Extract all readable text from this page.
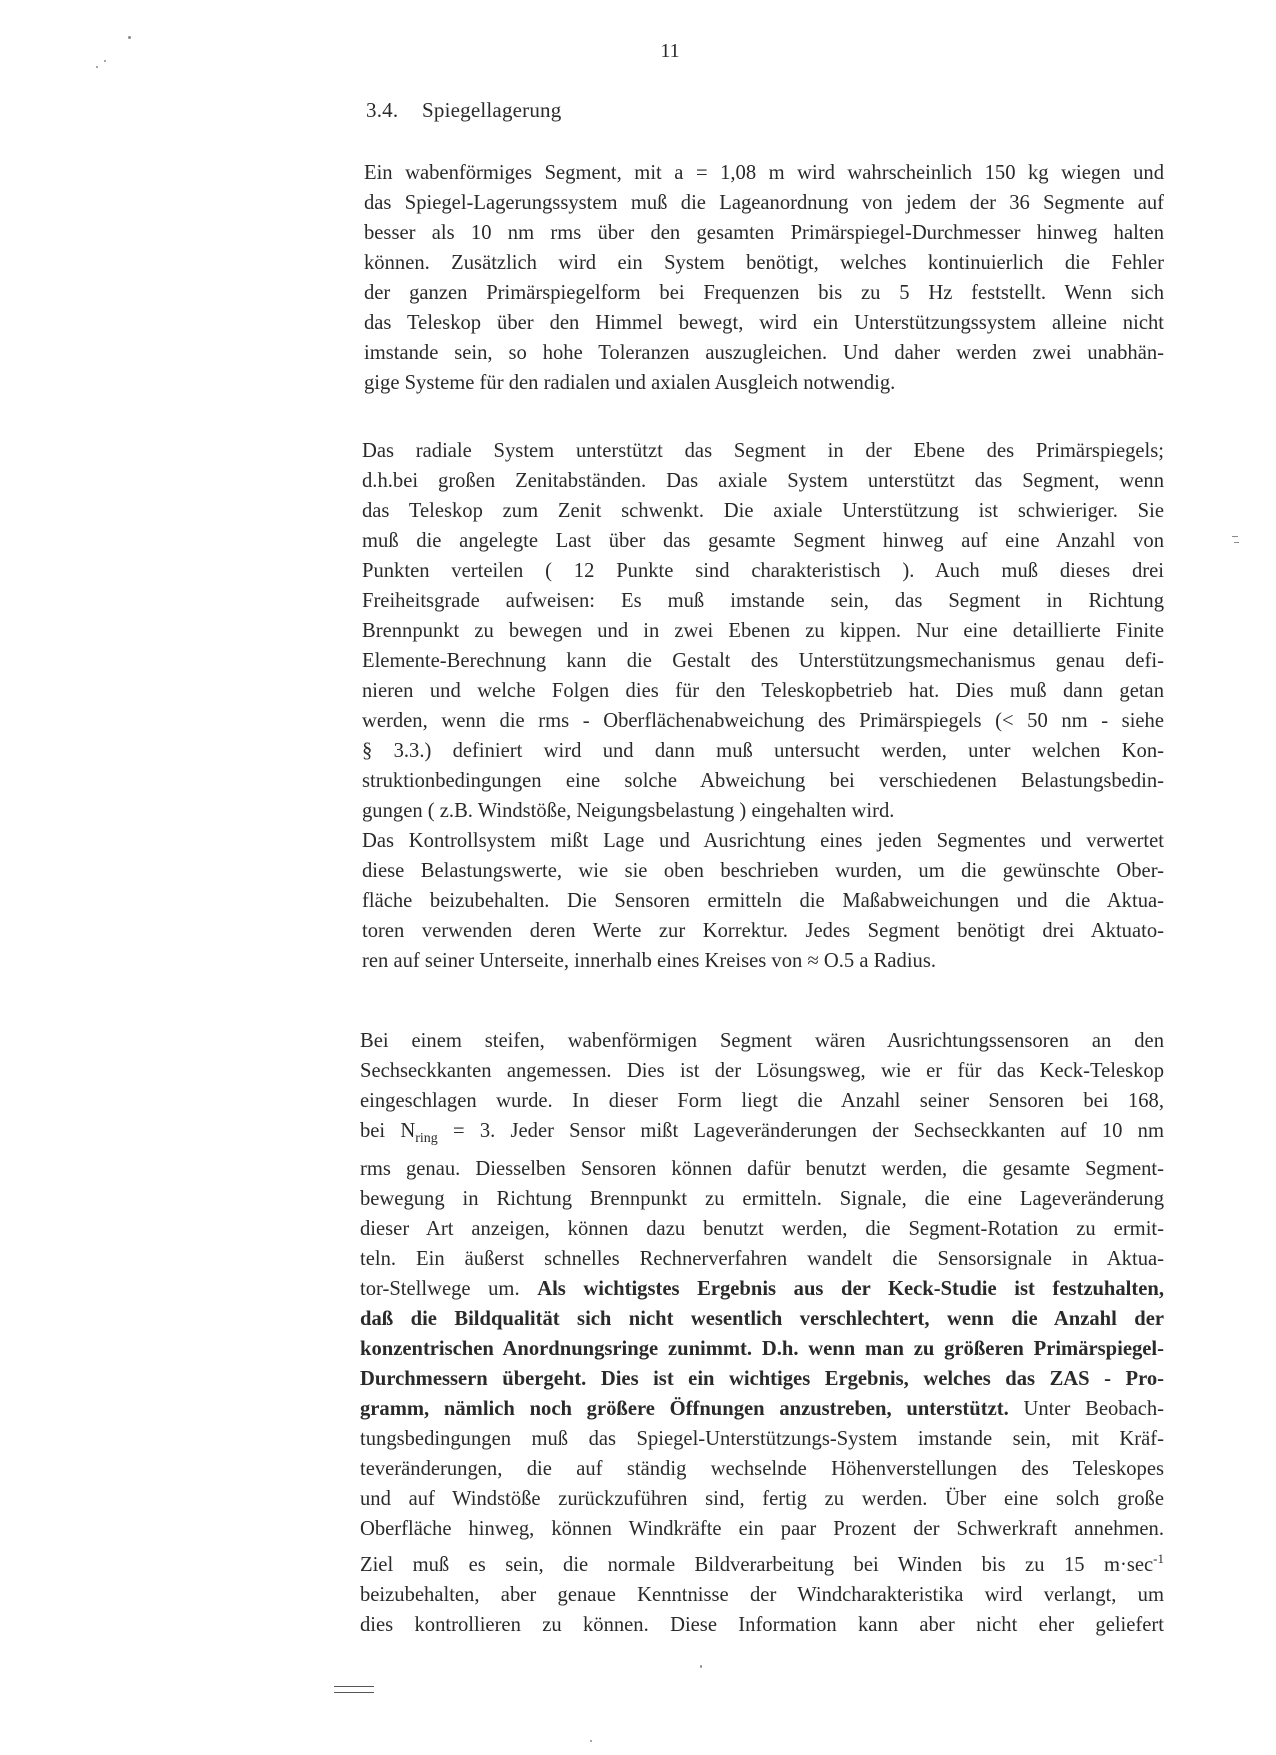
11
3.4. Spiegellagerung

Ein wabenförmiges Segment, mit a = 1,08 m wird wahrscheinlich 150 kg wiegen und
das Spiegel-Lagerungssystem muß die Lageanordnung von jedem der 36 Segmente auf
besser als 10 nm rms über den gesamten Primärspiegel-Durchmesser hinweg halten
können. Zusätzlich wird ein System benötigt, welches kontinuierlich die Fehler
der ganzen Primärspiegelform bei Frequenzen bis zu 5 Hz feststellt. Wenn sich
das Teleskop über den Himmel bewegt, wird ein Unterstützungssystem alleine nicht
imstande sein, so hohe Toleranzen auszugleichen. Und daher werden zwei unabhän-
gige Systeme für den radialen und axialen Ausgleich notwendig.

Das radiale System unterstützt das Segment in der Ebene des Primärspiegels;
d.h.bei großen Zenitabständen. Das axiale System unterstützt das Segment, wenn
das Teleskop zum Zenit schwenkt. Die axiale Unterstützung ist schwieriger. Sie
muß die angelegte Last über das gesamte Segment hinweg auf eine Anzahl von
Punkten verteilen ( 12 Punkte sind charakteristisch ). Auch muß dieses drei
Freiheitsgrade aufweisen: Es muß imstande sein, das Segment in Richtung
Brennpunkt zu bewegen und in zwei Ebenen zu kippen. Nur eine detaillierte Finite
Elemente-Berechnung kann die Gestalt des Unterstützungsmechanismus genau defi-
nieren und welche Folgen dies für den Teleskopbetrieb hat. Dies muß dann getan
werden, wenn die rms - Oberflächenabweichung des Primärspiegels (< 50 nm - siehe
§ 3.3.) definiert wird und dann muß untersucht werden, unter welchen Kon-
struktionbedingungen eine solche Abweichung bei verschiedenen Belastungsbedin-
gungen ( z.B. Windstöße, Neigungsbelastung ) eingehalten wird.
Das Kontrollsystem mißt Lage und Ausrichtung eines jeden Segmentes und verwertet
diese Belastungswerte, wie sie oben beschrieben wurden, um die gewünschte Ober-
fläche beizubehalten. Die Sensoren ermitteln die Maßabweichungen und die Aktua-
toren verwenden deren Werte zur Korrektur. Jedes Segment benötigt drei Aktuato-
ren auf seiner Unterseite, innerhalb eines Kreises von ≈ O.5 a Radius.

Bei einem steifen, wabenförmigen Segment wären Ausrichtungssensoren an den
Sechseckkanten angemessen. Dies ist der Lösungsweg, wie er für das Keck-Teleskop
eingeschlagen wurde. In dieser Form liegt die Anzahl seiner Sensoren bei 168,
bei $N_{ring} = 3$. Jeder Sensor mißt Lageveränderungen der Sechseckkanten auf 10 nm
rms genau. Diesselben Sensoren können dafür benutzt werden, die gesamte Segment-
bewegung in Richtung Brennpunkt zu ermitteln. Signale, die eine Lageveränderung
dieser Art anzeigen, können dazu benutzt werden, die Segment-Rotation zu ermit-
teln. Ein äußerst schnelles Rechnerverfahren wandelt die Sensorsignale in Aktua-
tor-Stellwege um. Als wichtigstes Ergebnis aus der Keck-Studie ist festzuhalten,
daß die Bildqualität sich nicht wesentlich verschlechtert, wenn die Anzahl der
konzentrischen Anordnungsringe zunimmt. D.h. wenn man zu größeren Primärspiegel-
Durchmessern übergeht. Dies ist ein wichtiges Ergebnis, welches das ZAS - Pro-
gramm, nämlich noch größere Öffnungen anzustreben, unterstützt. Unter Beobach-
tungsbedingungen muß das Spiegel-Unterstützungs-System imstande sein, mit Kräf-
teveränderungen, die auf ständig wechselnde Höhenverstellungen des Teleskopes
und auf Windstöße zurückzuführen sind, fertig zu werden. Über eine solch große
Oberfläche hinweg, können Windkräfte ein paar Prozent der Schwerkraft annehmen.
Ziel muß es sein, die normale Bildverarbeitung bei Winden bis zu 15 $m\cdot\sec^{-1}$
beizubehalten, aber genaue Kenntnisse der Windcharakteristika wird verlangt, um
dies kontrollieren zu können. Diese Information kann aber nicht eher geliefert
